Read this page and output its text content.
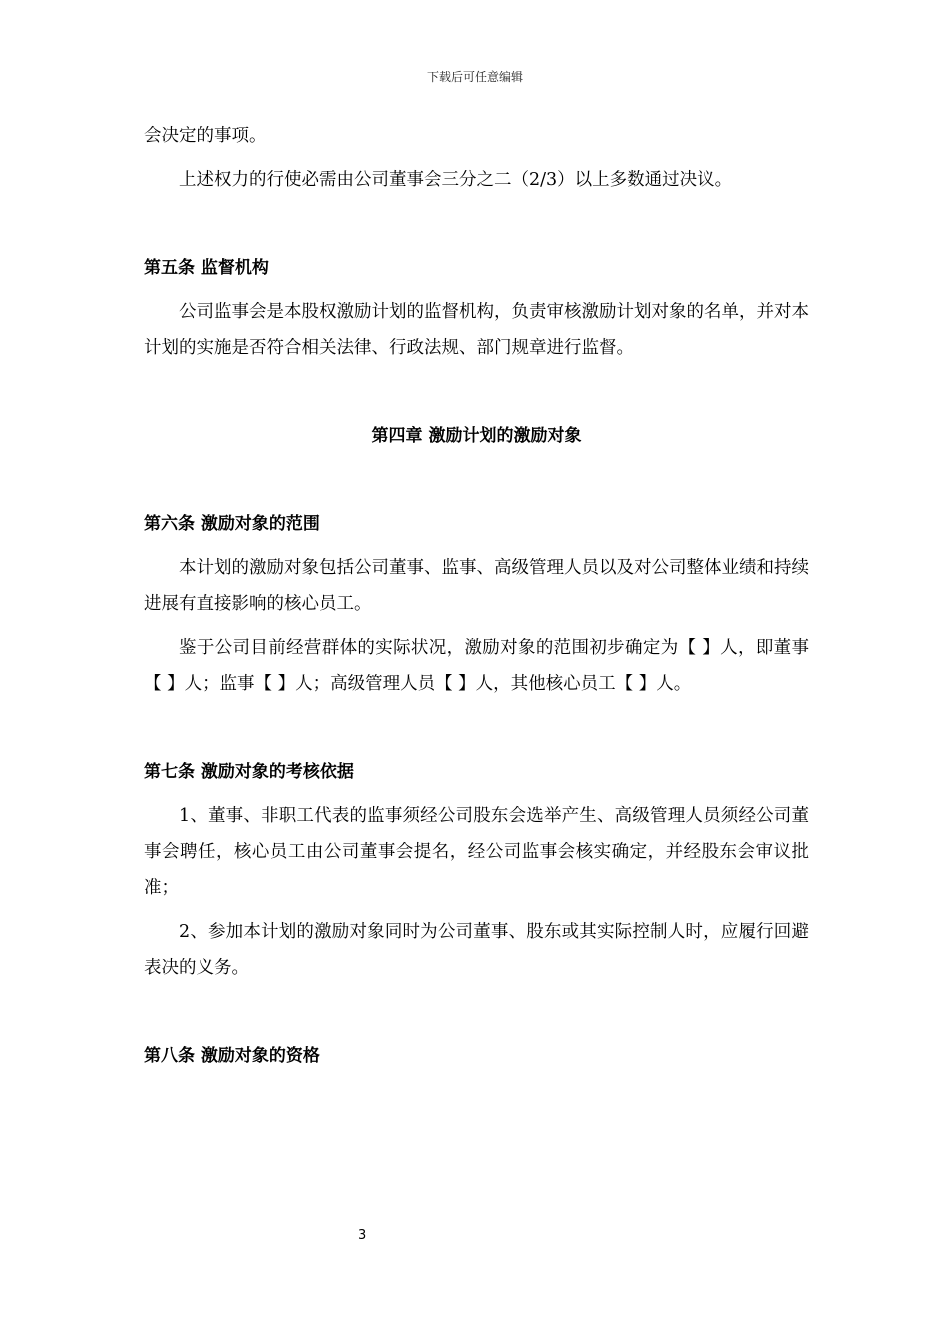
下载后可任意编辑

会决定的事项。

上述权力的行使必需由公司董事会三分之二（2/3）以上多数通过决议。

第五条 监督机构

公司监事会是本股权激励计划的监督机构，负责审核激励计划对象的名单，并对本计划的实施是否符合相关法律、行政法规、部门规章进行监督。

第四章 激励计划的激励对象

第六条 激励对象的范围

本计划的激励对象包括公司董事、监事、高级管理人员以及对公司整体业绩和持续进展有直接影响的核心员工。

鉴于公司目前经营群体的实际状况，激励对象的范围初步确定为【 】人，即董事【 】人；监事【 】人；高级管理人员【 】人，其他核心员工【 】人。

第七条 激励对象的考核依据

1、董事、非职工代表的监事须经公司股东会选举产生、高级管理人员须经公司董事会聘任，核心员工由公司董事会提名，经公司监事会核实确定，并经股东会审议批准；

2、参加本计划的激励对象同时为公司董事、股东或其实际控制人时，应履行回避表决的义务。

第八条 激励对象的资格

3
